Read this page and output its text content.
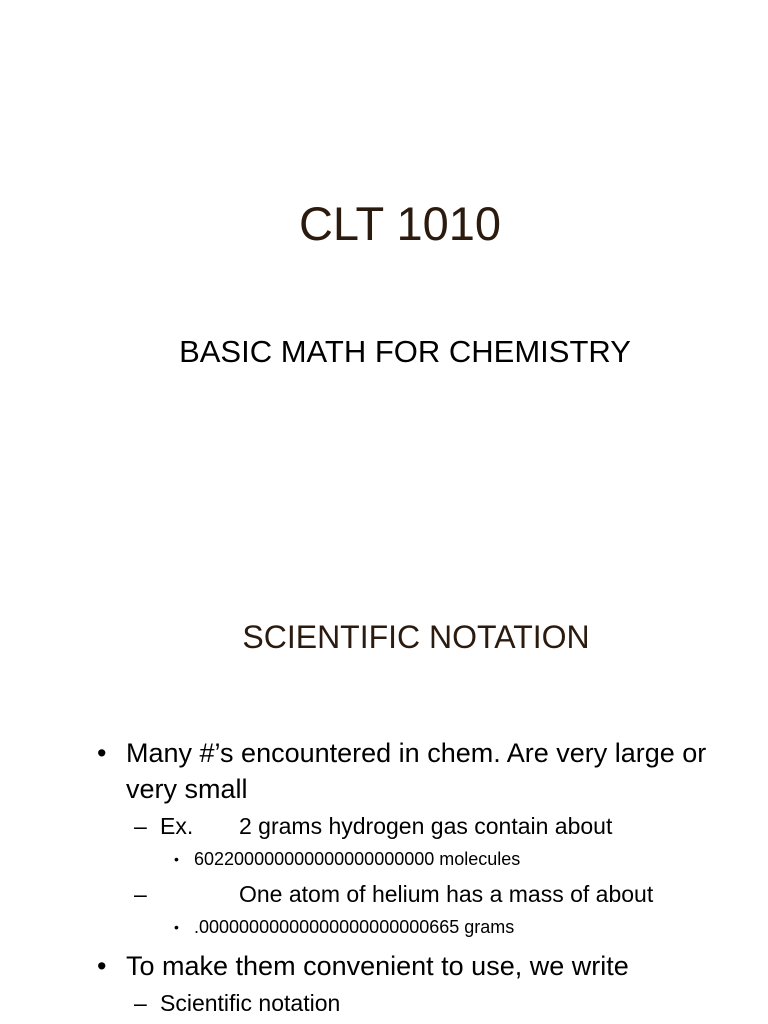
CLT 1010
BASIC MATH FOR CHEMISTRY
SCIENTIFIC NOTATION
• Many #’s encountered in chem. Are very large or very small
– Ex. 2 grams hydrogen gas contain about
• 602200000000000000000000 molecules
–	One atom of helium has a mass of about
• .00000000000000000000000665 grams
• To make them convenient to use, we write
– Scientific notation
